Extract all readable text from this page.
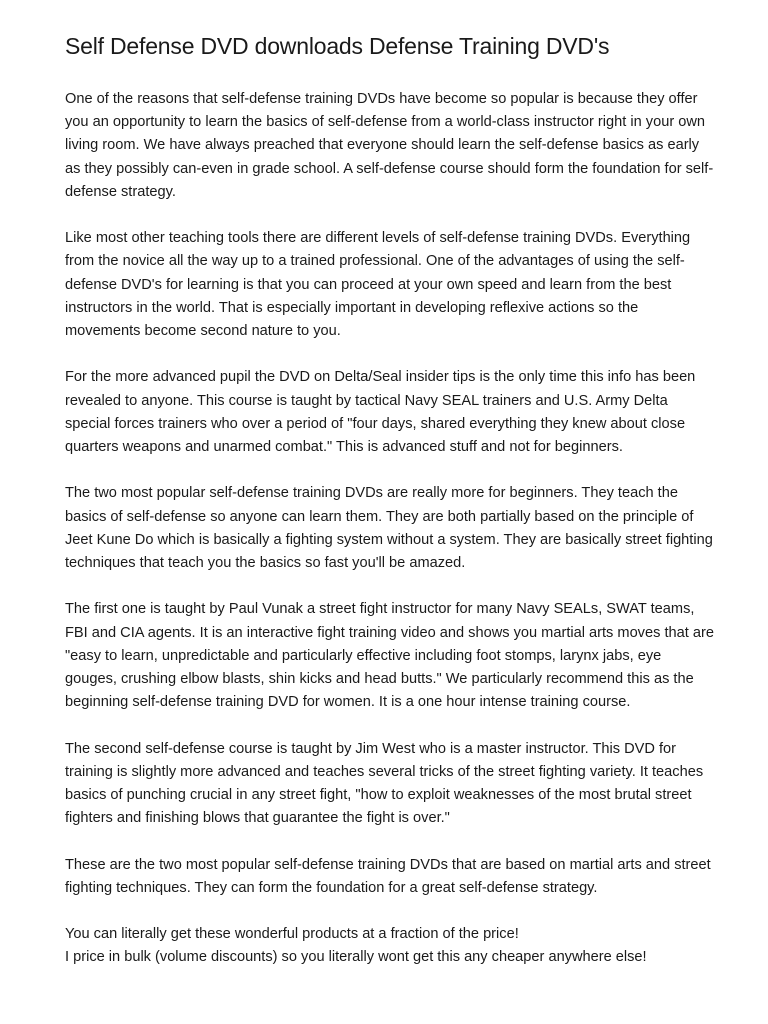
Self Defense DVD downloads Defense Training DVD's

One of the reasons that self-defense training DVDs have become so popular is because they offer you an opportunity to learn the basics of self-defense from a world-class instructor right in your own living room. We have always preached that everyone should learn the self-defense basics as early as they possibly can-even in grade school. A self-defense course should form the foundation for self-defense strategy.

Like most other teaching tools there are different levels of self-defense training DVDs. Everything from the novice all the way up to a trained professional. One of the advantages of using the self-defense DVD's for learning is that you can proceed at your own speed and learn from the best instructors in the world. That is especially important in developing reflexive actions so the movements become second nature to you.

For the more advanced pupil the DVD on Delta/Seal insider tips is the only time this info has been revealed to anyone. This course is taught by tactical Navy SEAL trainers and U.S. Army Delta special forces trainers who over a period of "four days, shared everything they knew about close quarters weapons and unarmed combat." This is advanced stuff and not for beginners.

The two most popular self-defense training DVDs are really more for beginners. They teach the basics of self-defense so anyone can learn them. They are both partially based on the principle of Jeet Kune Do which is basically a fighting system without a system. They are basically street fighting techniques that teach you the basics so fast you'll be amazed.

The first one is taught by Paul Vunak a street fight instructor for many Navy SEALs, SWAT teams, FBI and CIA agents. It is an interactive fight training video and shows you martial arts moves that are "easy to learn, unpredictable and particularly effective including foot stomps, larynx jabs, eye gouges, crushing elbow blasts, shin kicks and head butts." We particularly recommend this as the beginning self-defense training DVD for women. It is a one hour intense training course.

The second self-defense course is taught by Jim West who is a master instructor. This DVD for training is slightly more advanced and teaches several tricks of the street fighting variety. It teaches basics of punching crucial in any street fight, "how to exploit weaknesses of the most brutal street fighters and finishing blows that guarantee the fight is over."

These are the two most popular self-defense training DVDs that are based on martial arts and street fighting techniques. They can form the foundation for a great self-defense strategy.

You can literally get these wonderful products at a fraction of the price!

I price in bulk (volume discounts) so you literally wont get this any cheaper anywhere else!
